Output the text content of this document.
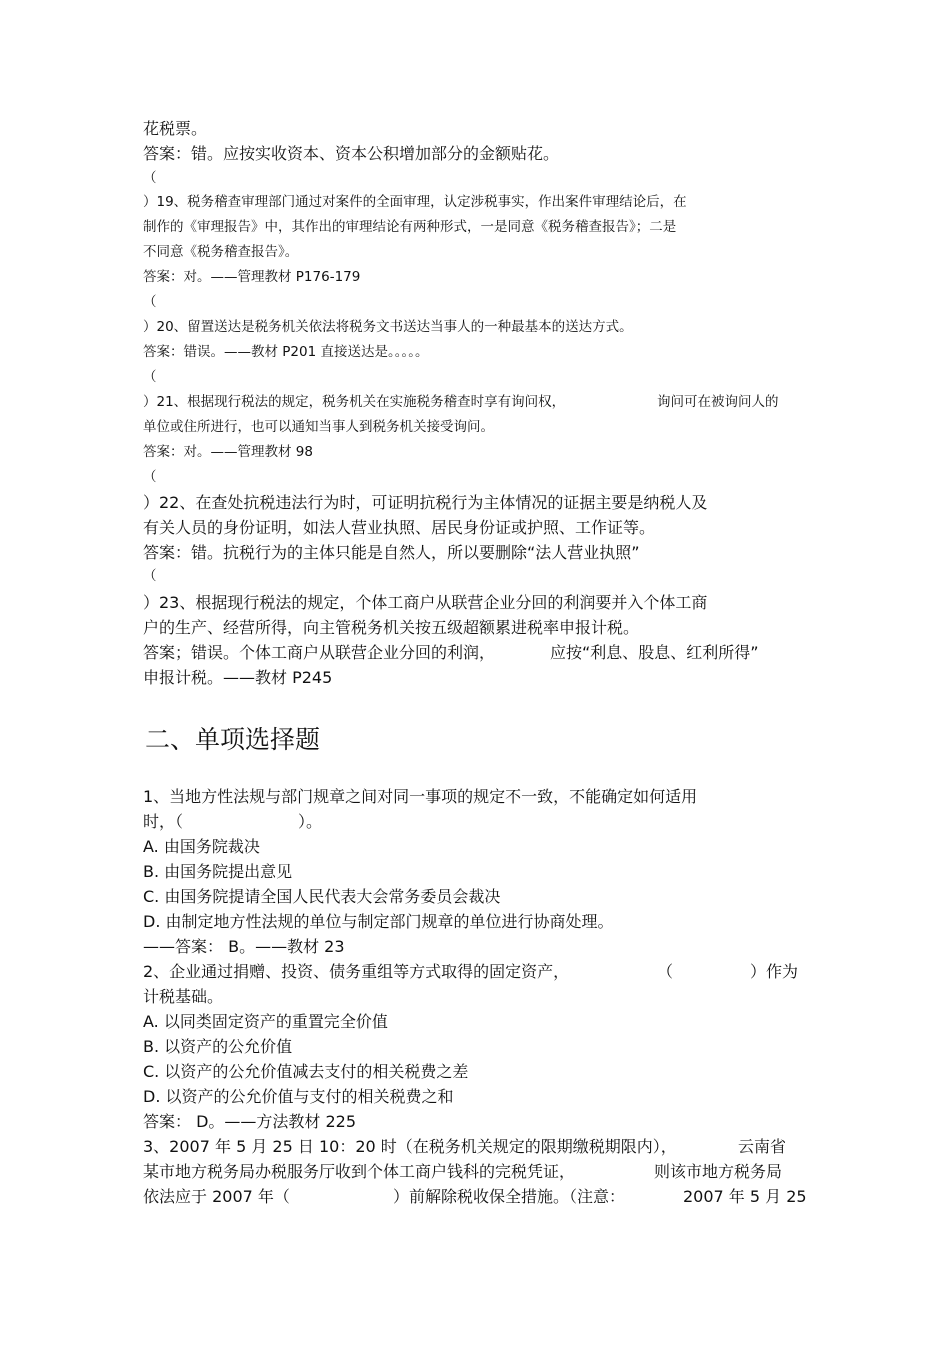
花税票。
答案：错。应按实收资本、资本公积增加部分的金额贴花。
（
）19、税务稽查审理部门通过对案件的全面审理，认定涉税事实，作出案件审理结论后，在
制作的《审理报告》中，其作出的审理结论有两种形式，一是同意《税务稽查报告》；二是
不同意《税务稽查报告》。
答案：对。——管理教材 P176-179
（
）20、留置送达是税务机关依法将税务文书送达当事人的一种最基本的送达方式。
答案：错误。——教材 P201 直接送达是。。。。。
（
）21、根据现行税法的规定，税务机关在实施税务稽查时享有询问权，	询问可在被询问人的
单位或住所进行，也可以通知当事人到税务机关接受询问。
答案：对。——管理教材 98
（
）22、在查处抗税违法行为时，可证明抗税行为主体情况的证据主要是纳税人及
有关人员的身份证明，如法人营业执照、居民身份证或护照、工作证等。
答案：错。抗税行为的主体只能是自然人，所以要删除“法人营业执照”
（
）23、根据现行税法的规定，个体工商户从联营企业分回的利润要并入个体工商
户的生产、经营所得，向主管税务机关按五级超额累进税率申报计税。
答案；错误。个体工商户从联营企业分回的利润，	应按“利息、股息、红利所得”
申报计税。——教材 P245
二、单项选择题
1、当地方性法规与部门规章之间对同一事项的规定不一致，不能确定如何适用
时，（	）。
A. 由国务院裁决
B. 由国务院提出意见
C. 由国务院提请全国人民代表大会常务委员会裁决
D. 由制定地方性法规的单位与制定部门规章的单位进行协商处理。
——答案： B。——教材 23
2、企业通过捐赠、投资、债务重组等方式取得的固定资产，	（	）作为
计税基础。
A. 以同类固定资产的重置完全价值
B. 以资产的公允价值
C. 以资产的公允价值减去支付的相关税费之差
D. 以资产的公允价值与支付的相关税费之和
答案： D。——方法教材 225
3、2007 年 5 月 25 日 10：20 时（在税务机关规定的限期缴税期限内），	云南省
某市地方税务局办税服务厅收到个体工商户钱科的完税凭证，	则该市地方税务局
依法应于 2007 年（	）前解除税收保全措施。（注意：	2007 年 5 月 25
